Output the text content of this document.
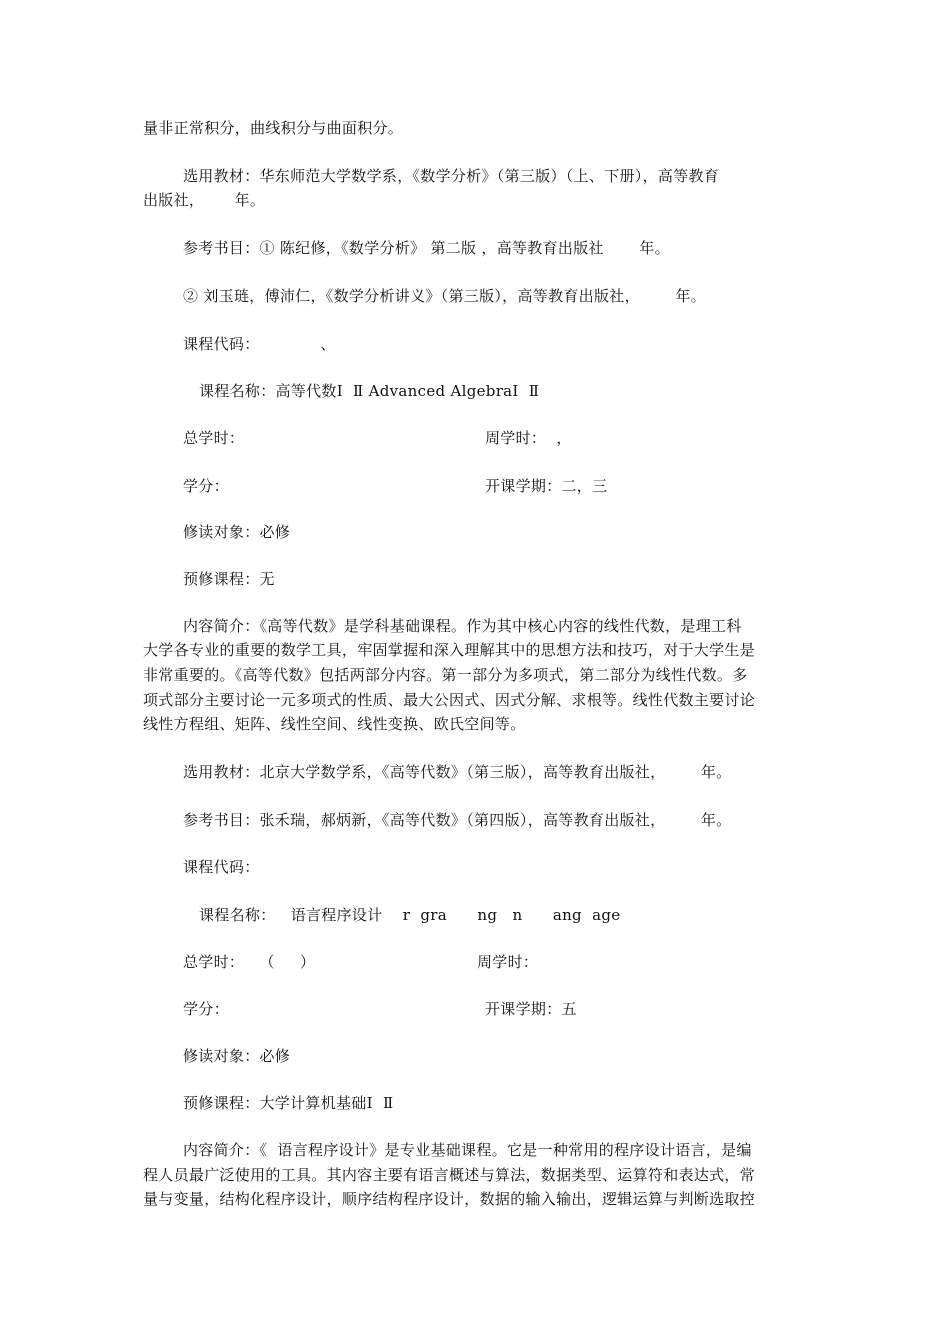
量非正常积分，曲线积分与曲面积分。
选用教材：华东师范大学数学系，《数学分析》（第三版）（上、下册），高等教育
出版社，      年。
参考书目：① 陈纪修，《数学分析》 第二版 ，高等教育出版社       年。
② 刘玉琏，傅沛仁，《数学分析讲义》（第三版），高等教育出版社，       年。
课程代码：            、
课程名称：高等代数Ⅰ  Ⅱ Advanced AlgebraⅠ  Ⅱ
总学时：	周学时：  ，
学分：	开课学期：二，三
修读对象：必修
预修课程：无
内容简介：《高等代数》是学科基础课程。作为其中核心内容的线性代数，是理工科
大学各专业的重要的数学工具，牢固掌握和深入理解其中的思想方法和技巧，对于大学生是
非常重要的。《高等代数》包括两部分内容。第一部分为多项式，第二部分为线性代数。多
项式部分主要讨论一元多项式的性质、最大公因式、因式分解、求根等。线性代数主要讨论
线性方程组、矩阵、线性空间、线性变换、欧氏空间等。
选用教材：北京大学数学系，《高等代数》（第三版），高等教育出版社，       年。
参考书目：张禾瑞，郝炳新，《高等代数》（第四版），高等教育出版社，       年。
课程代码：
课程名称：   语言程序设计    r  gra      ng   n      ang  age
总学时：   （     ）	周学时：
学分：	开课学期：五
修读对象：必修
预修课程：大学计算机基础Ⅰ  Ⅱ
内容简介：《  语言程序设计》是专业基础课程。它是一种常用的程序设计语言，是编
程人员最广泛使用的工具。其内容主要有语言概述与算法，数据类型、运算符和表达式，常
量与变量，结构化程序设计，顺序结构程序设计，数据的输入输出，逻辑运算与判断选取控
